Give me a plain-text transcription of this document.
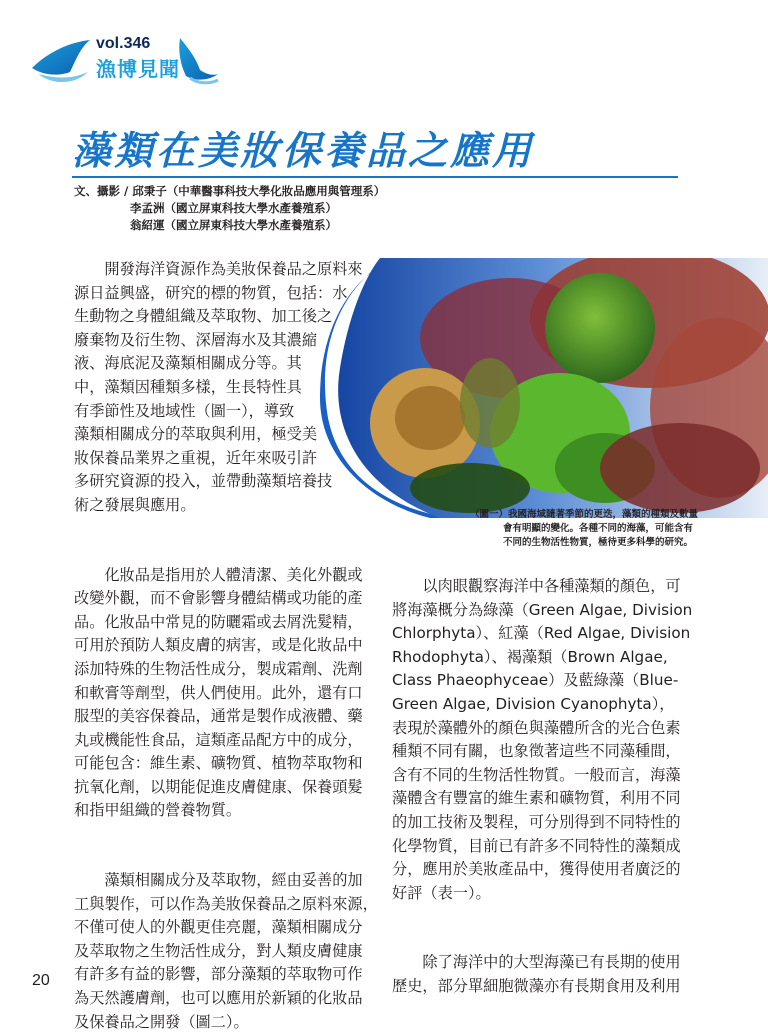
vol.346
漁博見聞
藻類在美妝保養品之應用
文、攝影 / 邱秉子（中華醫事科技大學化妝品應用與管理系）
李孟洲（國立屏東科技大學水產養殖系）
翁紹運（國立屏東科技大學水產養殖系）
（圖一）我國海域隨著季節的更迭，藻類的種類及數量
會有明顯的變化。各種不同的海藻，可能含有
不同的生物活性物質，極待更多科學的研究。

　　開發海洋資源作為美妝保養品之原料來

源日益興盛，研究的標的物質，包括：水

生動物之身體組織及萃取物、加工後之

廢棄物及衍生物、深層海水及其濃縮

液、海底泥及藻類相關成分等。其

中，藻類因種類多樣，生長特性具

有季節性及地域性（圖一），導致

藻類相關成分的萃取與利用，極受美

妝保養品業界之重視，近年來吸引許

多研究資源的投入，並帶動藻類培養技

術之發展與應用。

　　化妝品是指用於人體清潔、美化外觀或

改變外觀，而不會影響身體結構或功能的產

品。化妝品中常見的防曬霜或去屑洗髮精，

可用於預防人類皮膚的病害，或是化妝品中

添加特殊的生物活性成分，製成霜劑、洗劑

和軟膏等劑型，供人們使用。此外，還有口

服型的美容保養品，通常是製作成液體、藥

丸或機能性食品，這類產品配方中的成分，

可能包含：維生素、礦物質、植物萃取物和

抗氧化劑，以期能促進皮膚健康、保養頭髮

和指甲組織的營養物質。

　　藻類相關成分及萃取物，經由妥善的加

工與製作，可以作為美妝保養品之原料來源，

不僅可使人的外觀更佳亮麗，藻類相關成分

及萃取物之生物活性成分，對人類皮膚健康

有許多有益的影響，部分藻類的萃取物可作

為天然護膚劑，也可以應用於新穎的化妝品

及保養品之開發（圖二）。

　　以肉眼觀察海洋中各種藻類的顏色，可

將海藻概分為綠藻（Green Algae, Division

Chlorphyta）、紅藻（Red Algae, Division

Rhodophyta）、褐藻類（Brown Algae,

Class Phaeophyceae）及藍綠藻（Blue-

Green Algae, Division Cyanophyta），

表現於藻體外的顏色與藻體所含的光合色素

種類不同有關，也象徵著這些不同藻種間，

含有不同的生物活性物質。一般而言，海藻

藻體含有豐富的維生素和礦物質，利用不同

的加工技術及製程，可分別得到不同特性的

化學物質，目前已有許多不同特性的藻類成

分，應用於美妝產品中，獲得使用者廣泛的

好評（表一）。

　　除了海洋中的大型海藻已有長期的使用

歷史，部分單細胞微藻亦有長期食用及利用

20
